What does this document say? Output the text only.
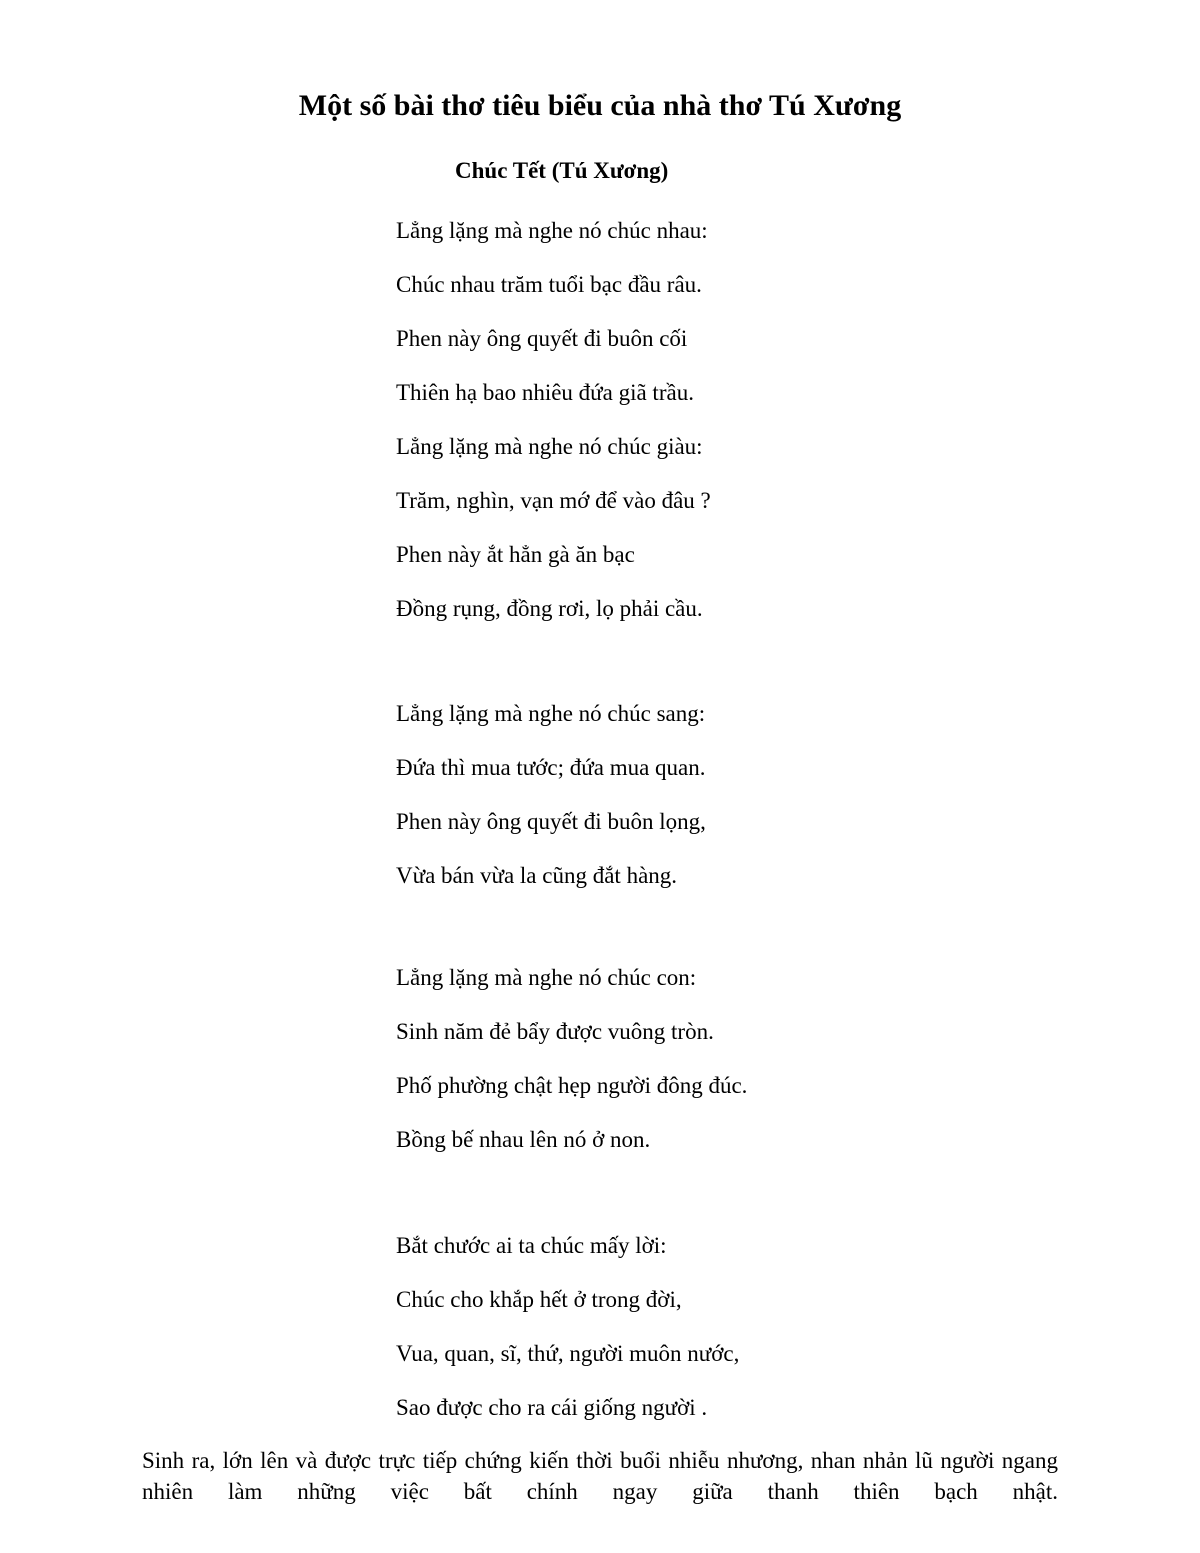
Một số bài thơ tiêu biểu của nhà thơ Tú Xương
Chúc Tết (Tú Xương)
Lẳng lặng mà nghe nó chúc nhau:
Chúc nhau trăm tuổi bạc đầu râu.
Phen này ông quyết đi buôn cối
Thiên hạ bao nhiêu đứa giã trầu.
Lẳng lặng mà nghe nó chúc giàu:
Trăm, nghìn, vạn mớ để vào đâu ?
Phen này ắt hẳn gà ăn bạc
Đồng rụng, đồng rơi, lọ phải cầu.
Lẳng lặng mà nghe nó chúc sang:
Đứa thì mua tước; đứa mua quan.
Phen này ông quyết đi buôn lọng,
Vừa bán vừa la cũng đắt hàng.
Lẳng lặng mà nghe nó chúc con:
Sinh năm đẻ bẩy được vuông tròn.
Phố phường chật hẹp người đông đúc.
Bồng bế nhau lên nó ở non.
Bắt chước ai ta chúc mấy lời:
Chúc cho khắp hết ở trong đời,
Vua, quan, sĩ, thứ, người muôn nước,
Sao được cho ra cái giống người .

Sinh ra, lớn lên và được trực tiếp chứng kiến thời buổi nhiễu nhương, nhan nhản lũ người ngang nhiên làm những việc bất chính ngay giữa thanh thiên bạch nhật.
